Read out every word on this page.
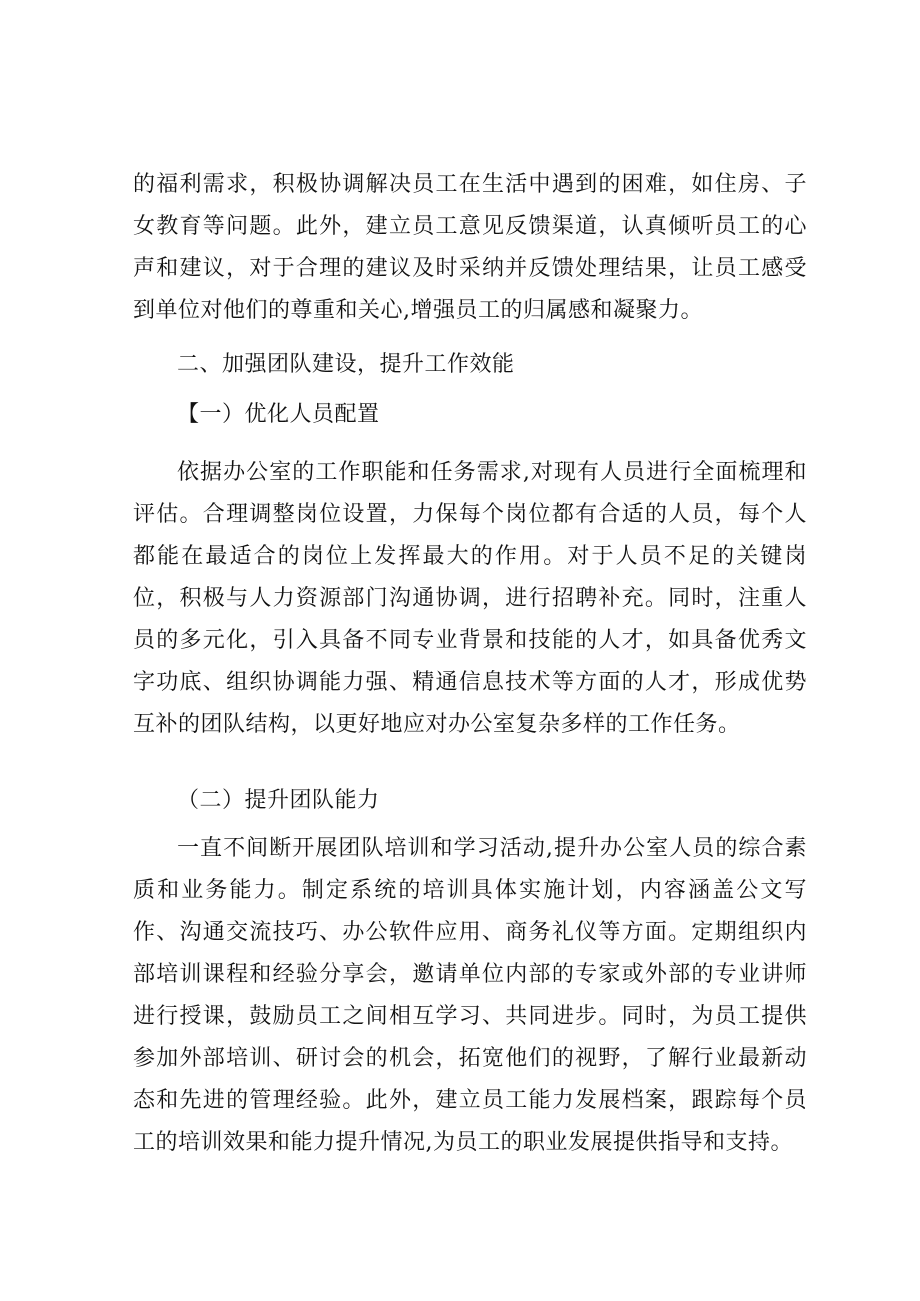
的福利需求，积极协调解决员工在生活中遇到的困难，如住房、子女教育等问题。此外，建立员工意见反馈渠道，认真倾听员工的心声和建议，对于合理的建议及时采纳并反馈处理结果，让员工感受到单位对他们的尊重和关心,增强员工的归属感和凝聚力。

二、加强团队建设，提升工作效能

【一）优化人员配置

依据办公室的工作职能和任务需求,对现有人员进行全面梳理和评估。合理调整岗位设置，力保每个岗位都有合适的人员，每个人都能在最适合的岗位上发挥最大的作用。对于人员不足的关键岗位，积极与人力资源部门沟通协调，进行招聘补充。同时，注重人员的多元化，引入具备不同专业背景和技能的人才，如具备优秀文字功底、组织协调能力强、精通信息技术等方面的人才，形成优势互补的团队结构，以更好地应对办公室复杂多样的工作任务。

（二）提升团队能力

一直不间断开展团队培训和学习活动,提升办公室人员的综合素质和业务能力。制定系统的培训具体实施计划，内容涵盖公文写作、沟通交流技巧、办公软件应用、商务礼仪等方面。定期组织内部培训课程和经验分享会，邀请单位内部的专家或外部的专业讲师进行授课，鼓励员工之间相互学习、共同进步。同时，为员工提供参加外部培训、研讨会的机会，拓宽他们的视野，了解行业最新动态和先进的管理经验。此外，建立员工能力发展档案，跟踪每个员工的培训效果和能力提升情况,为员工的职业发展提供指导和支持。
